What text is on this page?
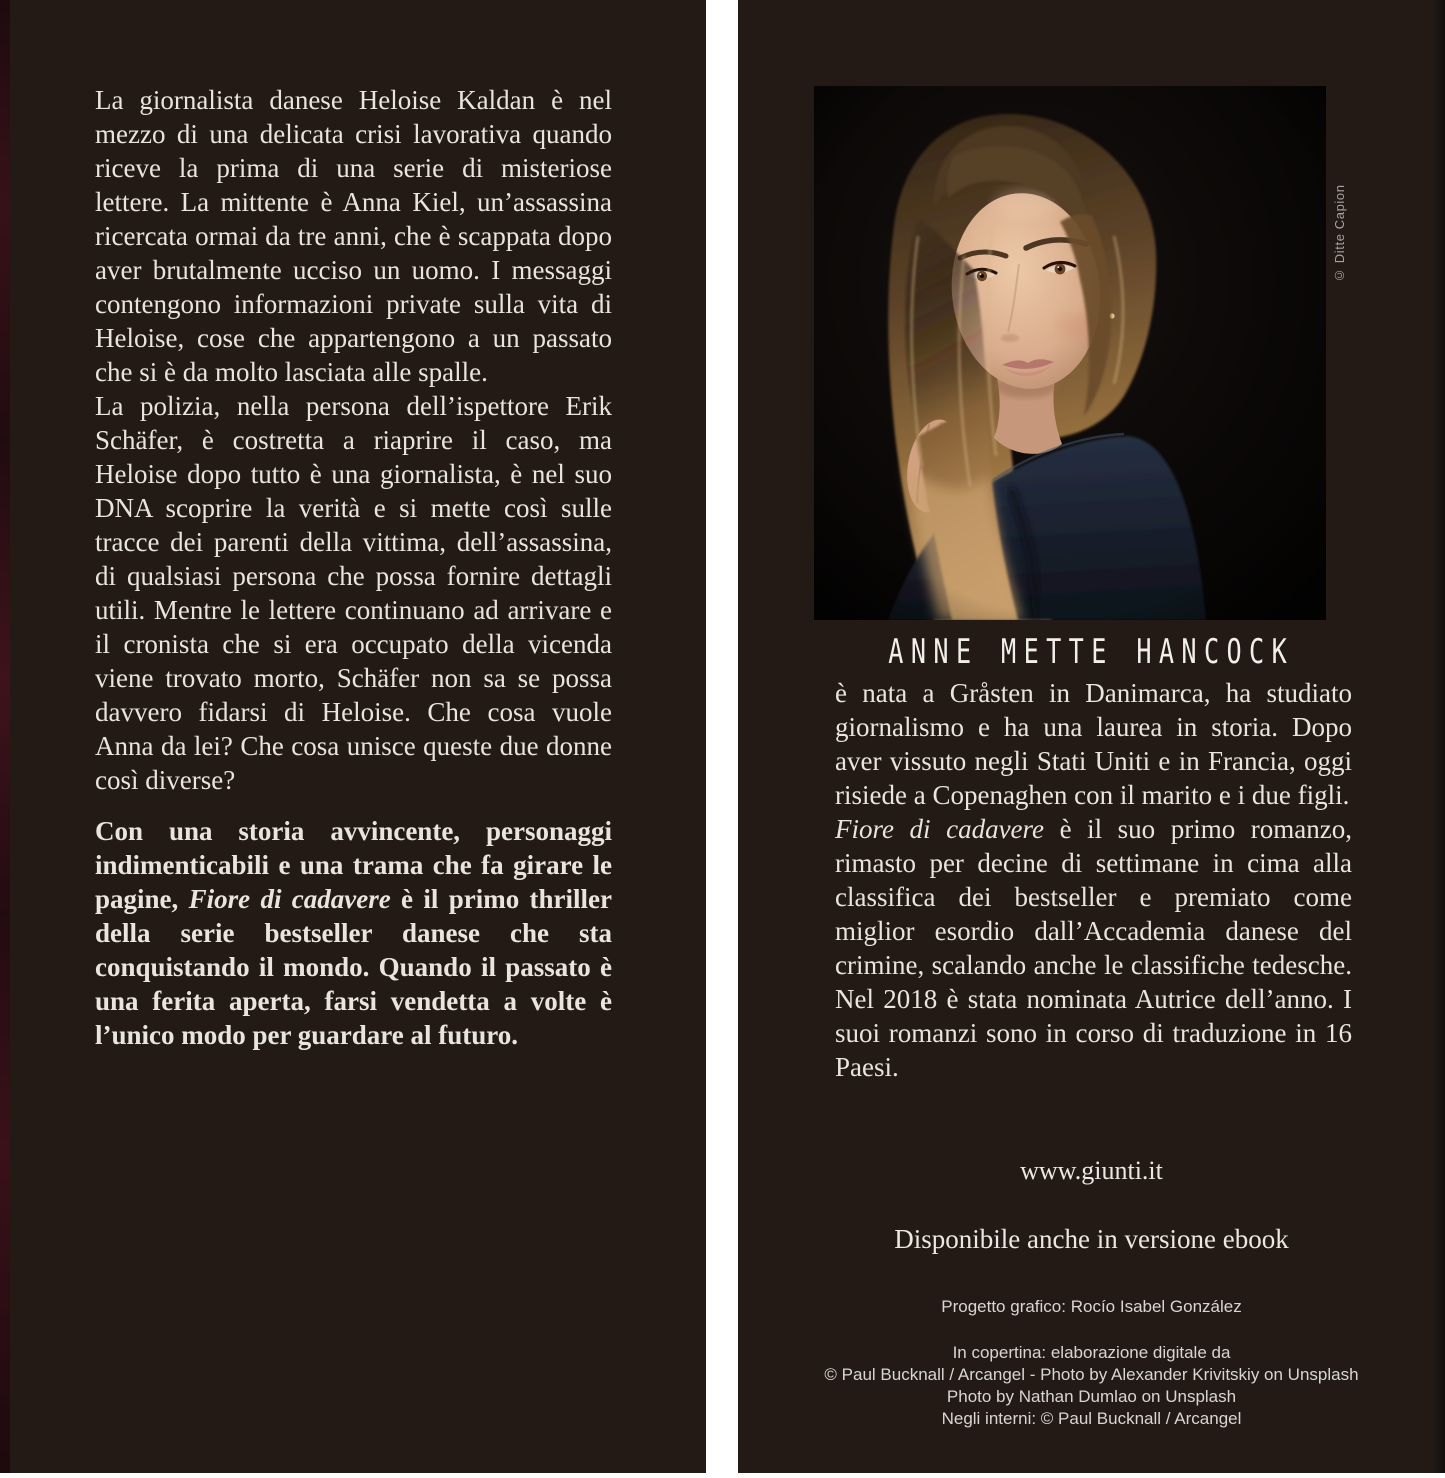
La giornalista danese Heloise Kaldan è nel mezzo di una delicata crisi lavorativa quando riceve la prima di una serie di misteriose lettere. La mittente è Anna Kiel, un’assassina ricercata ormai da tre anni, che è scappata dopo aver brutalmente ucciso un uomo. I messaggi contengono informazioni private sulla vita di Heloise, cose che appartengono a un passato che si è da molto lasciata alle spalle.

La polizia, nella persona dell’ispettore Erik Schäfer, è costretta a riaprire il caso, ma Heloise dopo tutto è una giornalista, è nel suo DNA scoprire la verità e si mette così sulle tracce dei parenti della vittima, dell’assassina, di qualsiasi persona che possa fornire dettagli utili. Mentre le lettere continuano ad arrivare e il cronista che si era occupato della vicenda viene trovato morto, Schäfer non sa se possa davvero fidarsi di Heloise. Che cosa vuole Anna da lei? Che cosa unisce queste due donne così diverse?

Con una storia avvincente, personaggi indimenticabili e una trama che fa girare le pagine, Fiore di cadavere è il primo thriller della serie bestseller danese che sta conquistando il mondo. Quando il passato è una ferita aperta, farsi vendetta a volte è l’unico modo per guardare al futuro.

© Ditte Capion
ANNE METTE HANCOCK

è nata a Gråsten in Danimarca, ha studiato giornalismo e ha una laurea in storia. Dopo aver vissuto negli Stati Uniti e in Francia, oggi risiede a Copenaghen con il marito e i due figli.

Fiore di cadavere è il suo primo romanzo, rimasto per decine di settimane in cima alla classifica dei bestseller e premiato come miglior esordio dall’Accademia danese del crimine, scalando anche le classifiche tedesche. Nel 2018 è stata nominata Autrice dell’anno. I suoi romanzi sono in corso di traduzione in 16 Paesi.

www.giunti.it
Disponibile anche in versione ebook
Progetto grafico: Rocío Isabel González
In copertina: elaborazione digitale da
© Paul Bucknall / Arcangel - Photo by Alexander Krivitskiy on Unsplash
Photo by Nathan Dumlao on Unsplash
Negli interni: © Paul Bucknall / Arcangel
